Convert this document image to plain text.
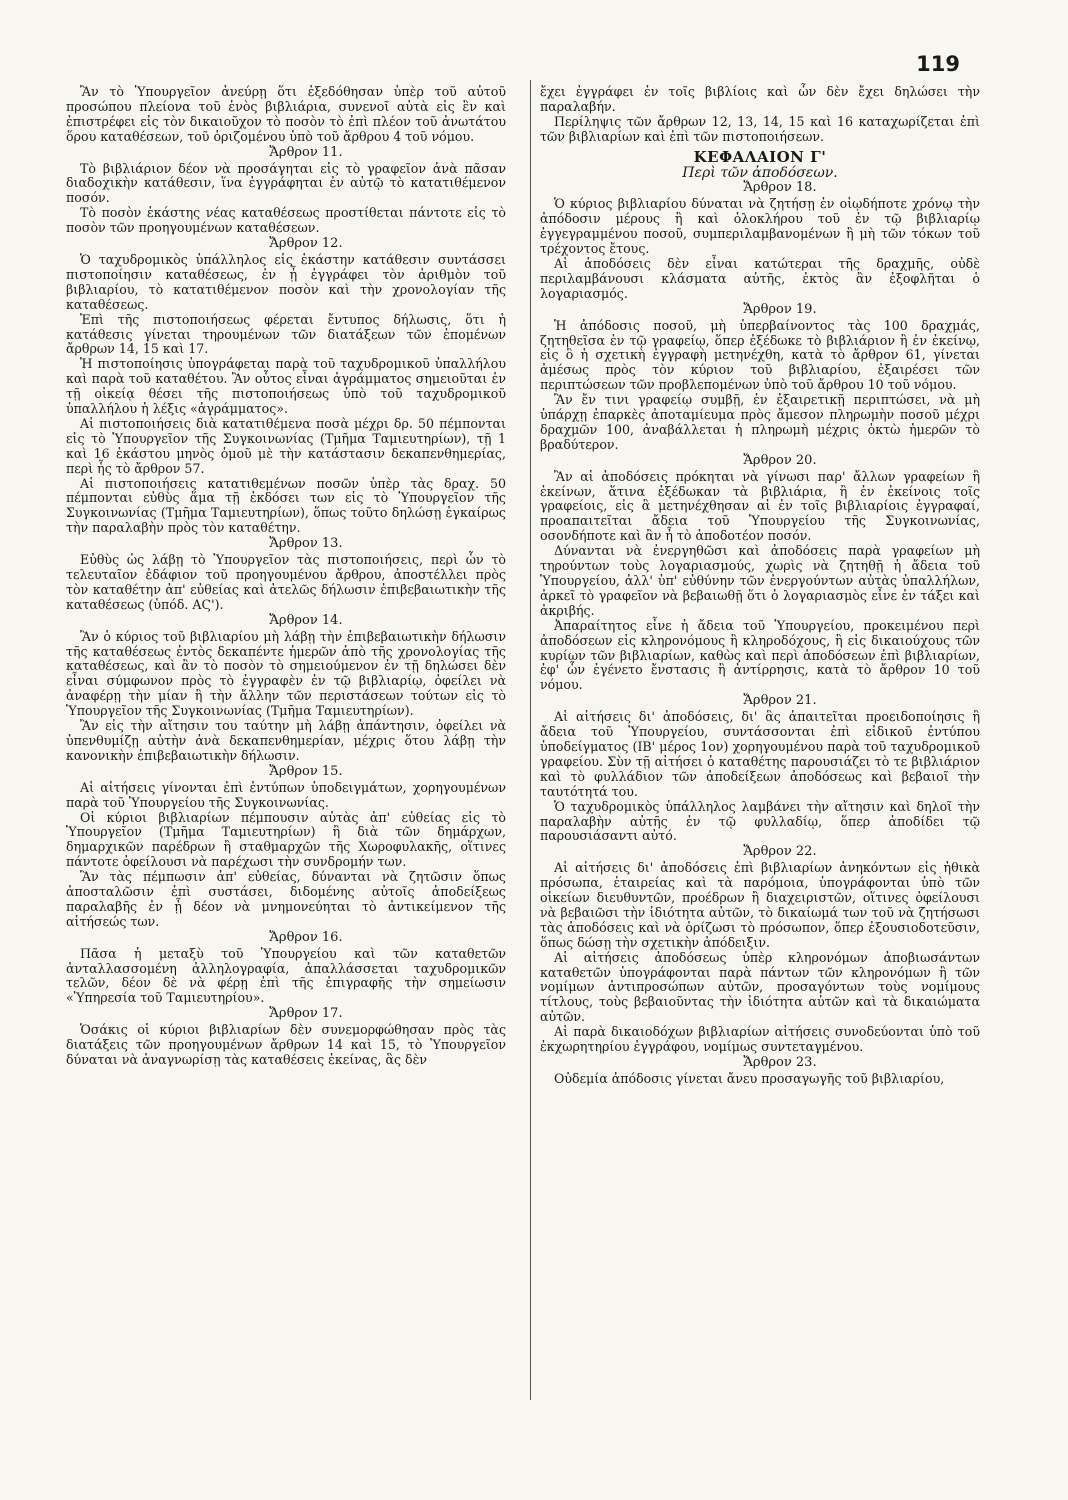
119

Ἂν τὸ Ὑπουργεῖον ἀνεύρῃ ὅτι ἐξεδόθησαν ὑπὲρ τοῦ αὐτοῦ προσώπου πλείονα τοῦ ἑνὸς βιβλιάρια, συνενοῖ αὐτὰ εἰς ἓν καὶ ἐπιστρέφει εἰς τὸν δικαιοῦχον τὸ ποσὸν τὸ ἐπὶ πλέον τοῦ ἀνωτάτου ὅρου καταθέσεων, τοῦ ὁριζομένου ὑπὸ τοῦ ἄρθρου 4 τοῦ νόμου.

Ἄρθρον 11.

Τὸ βιβλιάριον δέον νὰ προσάγηται εἰς τὸ γραφεῖον ἀνὰ πᾶσαν διαδοχικὴν κατάθεσιν, ἵνα ἐγγράφηται ἐν αὐτῷ τὸ κατατιθέμενον ποσόν.

Τὸ ποσὸν ἑκάστης νέας καταθέσεως προστίθεται πάντοτε εἰς τὸ ποσὸν τῶν προηγουμένων καταθέσεων.

Ἄρθρον 12.

Ὁ ταχυδρομικὸς ὑπάλληλος εἰς ἑκάστην κατάθεσιν συντάσσει πιστοποίησιν καταθέσεως, ἐν ᾗ ἐγγράφει τὸν ἀριθμὸν τοῦ βιβλιαρίου, τὸ κατατιθέμενον ποσὸν καὶ τὴν χρονολογίαν τῆς καταθέσεως.

Ἐπὶ τῆς πιστοποιήσεως φέρεται ἔντυπος δήλωσις, ὅτι ἡ κατάθεσις γίνεται τηρουμένων τῶν διατάξεων τῶν ἑπομένων ἄρθρων 14, 15 καὶ 17.

Ἡ πιστοποίησις ὑπογράφεται παρὰ τοῦ ταχυδρομικοῦ ὑπαλλήλου καὶ παρὰ τοῦ καταθέτου. Ἂν οὗτος εἶναι ἀγράμματος σημειοῦται ἐν τῇ οἰκείᾳ θέσει τῆς πιστοποιήσεως ὑπὸ τοῦ ταχυδρομικοῦ ὑπαλλήλου ἡ λέξις «ἀγράμματος».

Αἱ πιστοποιήσεις διὰ κατατιθέμενα ποσὰ μέχρι δρ. 50 πέμπονται εἰς τὸ Ὑπουργεῖον τῆς Συγκοινωνίας (Τμῆμα Ταμιευτηρίων), τῇ 1 καὶ 16 ἑκάστου μηνὸς ὁμοῦ μὲ τὴν κατάστασιν δεκαπενθημερίας, περὶ ἧς τὸ ἄρθρον 57.

Αἱ πιστοποιήσεις κατατιθεμένων ποσῶν ὑπὲρ τὰς δραχ. 50 πέμπονται εὐθὺς ἅμα τῇ ἐκδόσει των εἰς τὸ Ὑπουργεῖον τῆς Συγκοινωνίας (Τμῆμα Ταμιευτηρίων), ὅπως τοῦτο δηλώσῃ ἐγκαίρως τὴν παραλαβὴν πρὸς τὸν καταθέτην.

Ἄρθρον 13.

Εὐθὺς ὡς λάβῃ τὸ Ὑπουργεῖον τὰς πιστοποιήσεις, περὶ ὧν τὸ τελευταῖον ἐδάφιον τοῦ προηγουμένου ἄρθρου, ἀποστέλλει πρὸς τὸν καταθέτην ἀπ' εὐθείας καὶ ἀτελῶς δήλωσιν ἐπιβεβαιωτικὴν τῆς καταθέσεως (ὑπόδ. ΑϚ').

Ἄρθρον 14.

Ἂν ὁ κύριος τοῦ βιβλιαρίου μὴ λάβῃ τὴν ἐπιβεβαιωτικὴν δήλωσιν τῆς καταθέσεως ἐντὸς δεκαπέντε ἡμερῶν ἀπὸ τῆς χρονολογίας τῆς καταθέσεως, καὶ ἂν τὸ ποσὸν τὸ σημειούμενον ἐν τῇ δηλώσει δὲν εἶναι σύμφωνον πρὸς τὸ ἐγγραφὲν ἐν τῷ βιβλιαρίῳ, ὀφείλει νὰ ἀναφέρῃ τὴν μίαν ἢ τὴν ἄλλην τῶν περιστάσεων τούτων εἰς τὸ Ὑπουργεῖον τῆς Συγκοινωνίας (Τμῆμα Ταμιευτηρίων).

Ἂν εἰς τὴν αἴτησιν του ταύτην μὴ λάβῃ ἀπάντησιν, ὀφείλει νὰ ὑπενθυμίζῃ αὐτὴν ἀνὰ δεκαπενθημερίαν, μέχρις ὅτου λάβῃ τὴν κανονικὴν ἐπιβεβαιωτικὴν δήλωσιν.

Ἄρθρον 15.

Αἱ αἰτήσεις γίνονται ἐπὶ ἐντύπων ὑποδειγμάτων, χορηγουμένων παρὰ τοῦ Ὑπουργείου τῆς Συγκοινωνίας.

Οἱ κύριοι βιβλιαρίων πέμπουσιν αὐτὰς ἀπ' εὐθείας εἰς τὸ Ὑπουργεῖον (Τμῆμα Ταμιευτηρίων) ἢ διὰ τῶν δημάρχων, δημαρχικῶν παρέδρων ἢ σταθμαρχῶν τῆς Χωροφυλακῆς, οἵτινες πάντοτε ὀφείλουσι νὰ παρέχωσι τὴν συνδρομήν των.

Ἂν τὰς πέμπωσιν ἀπ' εὐθείας, δύνανται νὰ ζητῶσιν ὅπως ἀποσταλῶσιν ἐπὶ συστάσει, διδομένης αὐτοῖς ἀποδείξεως παραλαβῆς ἐν ᾗ δέον νὰ μνημονεύηται τὸ ἀντικείμενον τῆς αἰτήσεώς των.

Ἄρθρον 16.

Πᾶσα ἡ μεταξὺ τοῦ Ὑπουργείου καὶ τῶν καταθετῶν ἀνταλλασσομένη ἀλληλογραφία, ἀπαλλάσσεται ταχυδρομικῶν τελῶν, δέον δὲ νὰ φέρῃ ἐπὶ τῆς ἐπιγραφῆς τὴν σημείωσιν «Ὑπηρεσία τοῦ Ταμιευτηρίου».

Ἄρθρον 17.

Ὁσάκις οἱ κύριοι βιβλιαρίων δὲν συνεμορφώθησαν πρὸς τὰς διατάξεις τῶν προηγουμένων ἄρθρων 14 καὶ 15, τὸ Ὑπουργεῖον δύναται νὰ ἀναγνωρίσῃ τὰς καταθέσεις ἐκείνας, ἃς δὲν

ἔχει ἐγγράφει ἐν τοῖς βιβλίοις καὶ ὧν δὲν ἔχει δηλώσει τὴν παραλαβήν.

Περίληψις τῶν ἄρθρων 12, 13, 14, 15 καὶ 16 καταχωρίζεται ἐπὶ τῶν βιβλιαρίων καὶ ἐπὶ τῶν πιστοποιήσεων.

ΚΕΦΑΛΑΙΟΝ Γ'
Περὶ τῶν ἀποδόσεων.
Ἄρθρον 18.

Ὁ κύριος βιβλιαρίου δύναται νὰ ζητήσῃ ἐν οἱῳδήποτε χρόνῳ τὴν ἀπόδοσιν μέρους ἢ καὶ ὁλοκλήρου τοῦ ἐν τῷ βιβλιαρίῳ ἐγγεγραμμένου ποσοῦ, συμπεριλαμβανομένων ἢ μὴ τῶν τόκων τοῦ τρέχοντος ἔτους.

Αἱ ἀποδόσεις δὲν εἶναι κατώτεραι τῆς δραχμῆς, οὐδὲ περιλαμβάνουσι κλάσματα αὐτῆς, ἐκτὸς ἂν ἐξοφλῆται ὁ λογαριασμός.

Ἄρθρον 19.

Ἡ ἀπόδοσις ποσοῦ, μὴ ὑπερβαίνοντος τὰς 100 δραχμάς, ζητηθεῖσα ἐν τῷ γραφείῳ, ὅπερ ἐξέδωκε τὸ βιβλιάριον ἢ ἐν ἐκείνῳ, εἰς ὃ ἡ σχετικὴ ἐγγραφὴ μετηνέχθη, κατὰ τὸ ἄρθρον 61, γίνεται ἀμέσως πρὸς τὸν κύριον τοῦ βιβλιαρίου, ἐξαιρέσει τῶν περιπτώσεων τῶν προβλεπομένων ὑπὸ τοῦ ἄρθρου 10 τοῦ νόμου.

Ἂν ἔν τινι γραφείῳ συμβῇ, ἐν ἐξαιρετικῇ περιπτώσει, νὰ μὴ ὑπάρχῃ ἐπαρκὲς ἀποταμίευμα πρὸς ἄμεσον πληρωμὴν ποσοῦ μέχρι δραχμῶν 100, ἀναβάλλεται ἡ πληρωμὴ μέχρις ὀκτὼ ἡμερῶν τὸ βραδύτερον.

Ἄρθρον 20.

Ἂν αἱ ἀποδόσεις πρόκηται νὰ γίνωσι παρ' ἄλλων γραφείων ἢ ἐκείνων, ἅτινα ἐξέδωκαν τὰ βιβλιάρια, ἢ ἐν ἐκείνοις τοῖς γραφείοις, εἰς ἃ μετηνέχθησαν αἱ ἐν τοῖς βιβλιαρίοις ἐγγραφαί, προαπαιτεῖται ἄδεια τοῦ Ὑπουργείου τῆς Συγκοινωνίας, οσονδήποτε καὶ ἂν ἦ τὸ ἀποδοτέον ποσόν.

Δύνανται νὰ ἐνεργηθῶσι καὶ ἀποδόσεις παρὰ γραφείων μὴ τηρούντων τοὺς λογαριασμούς, χωρὶς νὰ ζητηθῇ ἡ ἄδεια τοῦ Ὑπουργείου, ἀλλ' ὑπ' εὐθύνην τῶν ἐνεργούντων αὐτὰς ὑπαλλήλων, ἀρκεῖ τὸ γραφεῖον νὰ βεβαιωθῇ ὅτι ὁ λογαριασμὸς εἶνε ἐν τάξει καὶ ἀκριβής.

Ἀπαραίτητος εἶνε ἡ ἄδεια τοῦ Ὑπουργείου, προκειμένου περὶ ἀποδόσεων εἰς κληρονόμους ἢ κληροδόχους, ἢ εἰς δικαιούχους τῶν κυρίων τῶν βιβλιαρίων, καθὼς καὶ περὶ ἀποδόσεων ἐπὶ βιβλιαρίων, ἐφ' ὧν ἐγένετο ἔνστασις ἢ ἀντίρρησις, κατὰ τὸ ἄρθρον 10 τοῦ νόμου.

Ἄρθρον 21.

Αἱ αἰτήσεις δι' ἀποδόσεις, δι' ἃς ἀπαιτεῖται προειδοποίησις ἢ ἄδεια τοῦ Ὑπουργείου, συντάσσονται ἐπὶ εἰδικοῦ ἐντύπου ὑποδείγματος (ΙΒ' μέρος 1ον) χορηγουμένου παρὰ τοῦ ταχυδρομικοῦ γραφείου. Σὺν τῇ αἰτήσει ὁ καταθέτης παρουσιάζει τὸ τε βιβλιάριον καὶ τὸ φυλλάδιον τῶν ἀποδείξεων ἀποδόσεως καὶ βεβαιοῖ τὴν ταυτότητά του.

Ὁ ταχυδρομικὸς ὑπάλληλος λαμβάνει τὴν αἴτησιν καὶ δηλοῖ τὴν παραλαβὴν αὐτῆς ἐν τῷ φυλλαδίῳ, ὅπερ ἀποδίδει τῷ παρουσιάσαντι αὐτό.

Ἄρθρον 22.

Αἱ αἰτήσεις δι' ἀποδόσεις ἐπὶ βιβλιαρίων ἀνηκόντων εἰς ἠθικὰ πρόσωπα, ἑταιρείας καὶ τὰ παρόμοια, ὑπογράφονται ὑπὸ τῶν οἰκείων διευθυντῶν, προέδρων ἢ διαχειριστῶν, οἵτινες ὀφείλουσι νὰ βεβαιῶσι τὴν ἰδιότητα αὐτῶν, τὸ δικαίωμά των τοῦ νὰ ζητήσωσι τὰς ἀποδόσεις καὶ νὰ ὁρίζωσι τὸ πρόσωπον, ὅπερ ἐξουσιοδοτεῦσιν, ὅπως δώσῃ τὴν σχετικὴν ἀπόδειξιν.

Αἱ αἰτήσεις ἀποδόσεως ὑπὲρ κληρονόμων ἀποβιωσάντων καταθετῶν ὑπογράφονται παρὰ πάντων τῶν κληρονόμων ἢ τῶν νομίμων ἀντιπροσώπων αὐτῶν, προσαγόντων τοὺς νομίμους τίτλους, τοὺς βεβαιοῦντας τὴν ἰδιότητα αὐτῶν καὶ τὰ δικαιώματα αὐτῶν.

Αἱ παρὰ δικαιοδόχων βιβλιαρίων αἰτήσεις συνοδεύονται ὑπὸ τοῦ ἐκχωρητηρίου ἐγγράφου, νομίμως συντεταγμένου.

Ἄρθρον 23.

Οὐδεμία ἀπόδοσις γίνεται ἄνευ προσαγωγῆς τοῦ βιβλιαρίου,
